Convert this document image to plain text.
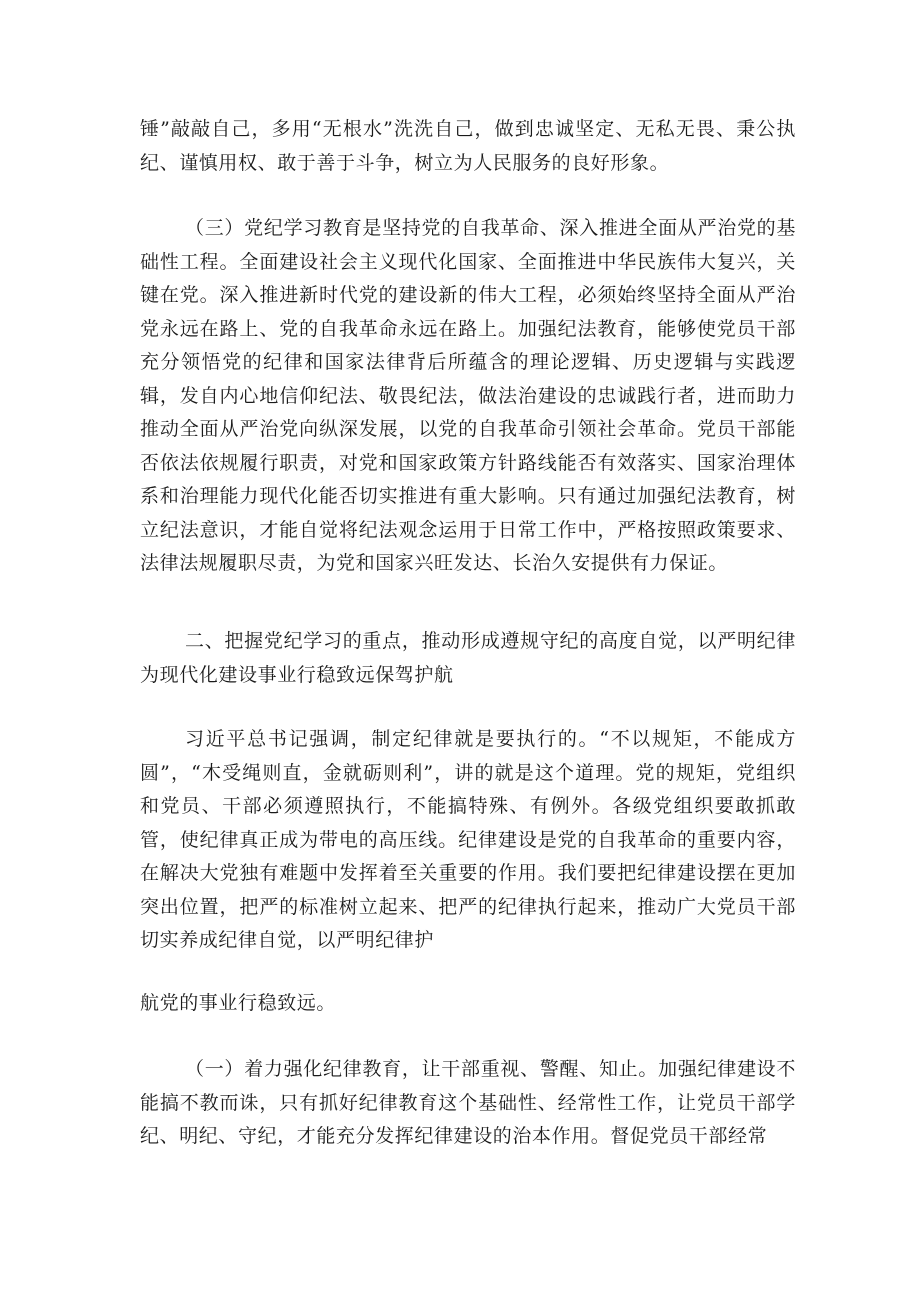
锤”敲敲自己，多用“无根水”洗洗自己，做到忠诚坚定、无私无畏、秉公执纪、谨慎用权、敢于善于斗争，树立为人民服务的良好形象。

（三）党纪学习教育是坚持党的自我革命、深入推进全面从严治党的基础性工程。全面建设社会主义现代化国家、全面推进中华民族伟大复兴，关键在党。深入推进新时代党的建设新的伟大工程，必须始终坚持全面从严治党永远在路上、党的自我革命永远在路上。加强纪法教育，能够使党员干部充分领悟党的纪律和国家法律背后所蕴含的理论逻辑、历史逻辑与实践逻辑，发自内心地信仰纪法、敬畏纪法，做法治建设的忠诚践行者，进而助力推动全面从严治党向纵深发展，以党的自我革命引领社会革命。党员干部能否依法依规履行职责，对党和国家政策方针路线能否有效落实、国家治理体系和治理能力现代化能否切实推进有重大影响。只有通过加强纪法教育，树立纪法意识，才能自觉将纪法观念运用于日常工作中，严格按照政策要求、法律法规履职尽责，为党和国家兴旺发达、长治久安提供有力保证。

二、把握党纪学习的重点，推动形成遵规守纪的高度自觉，以严明纪律为现代化建设事业行稳致远保驾护航

习近平总书记强调，制定纪律就是要执行的。“不以规矩，不能成方圆”，“木受绳则直，金就砺则利”，讲的就是这个道理。党的规矩，党组织和党员、干部必须遵照执行，不能搞特殊、有例外。各级党组织要敢抓敢管，使纪律真正成为带电的高压线。纪律建设是党的自我革命的重要内容，在解决大党独有难题中发挥着至关重要的作用。我们要把纪律建设摆在更加突出位置，把严的标准树立起来、把严的纪律执行起来，推动广大党员干部切实养成纪律自觉，以严明纪律护

航党的事业行稳致远。

（一）着力强化纪律教育，让干部重视、警醒、知止。加强纪律建设不能搞不教而诛，只有抓好纪律教育这个基础性、经常性工作，让党员干部学纪、明纪、守纪，才能充分发挥纪律建设的治本作用。督促党员干部经常
